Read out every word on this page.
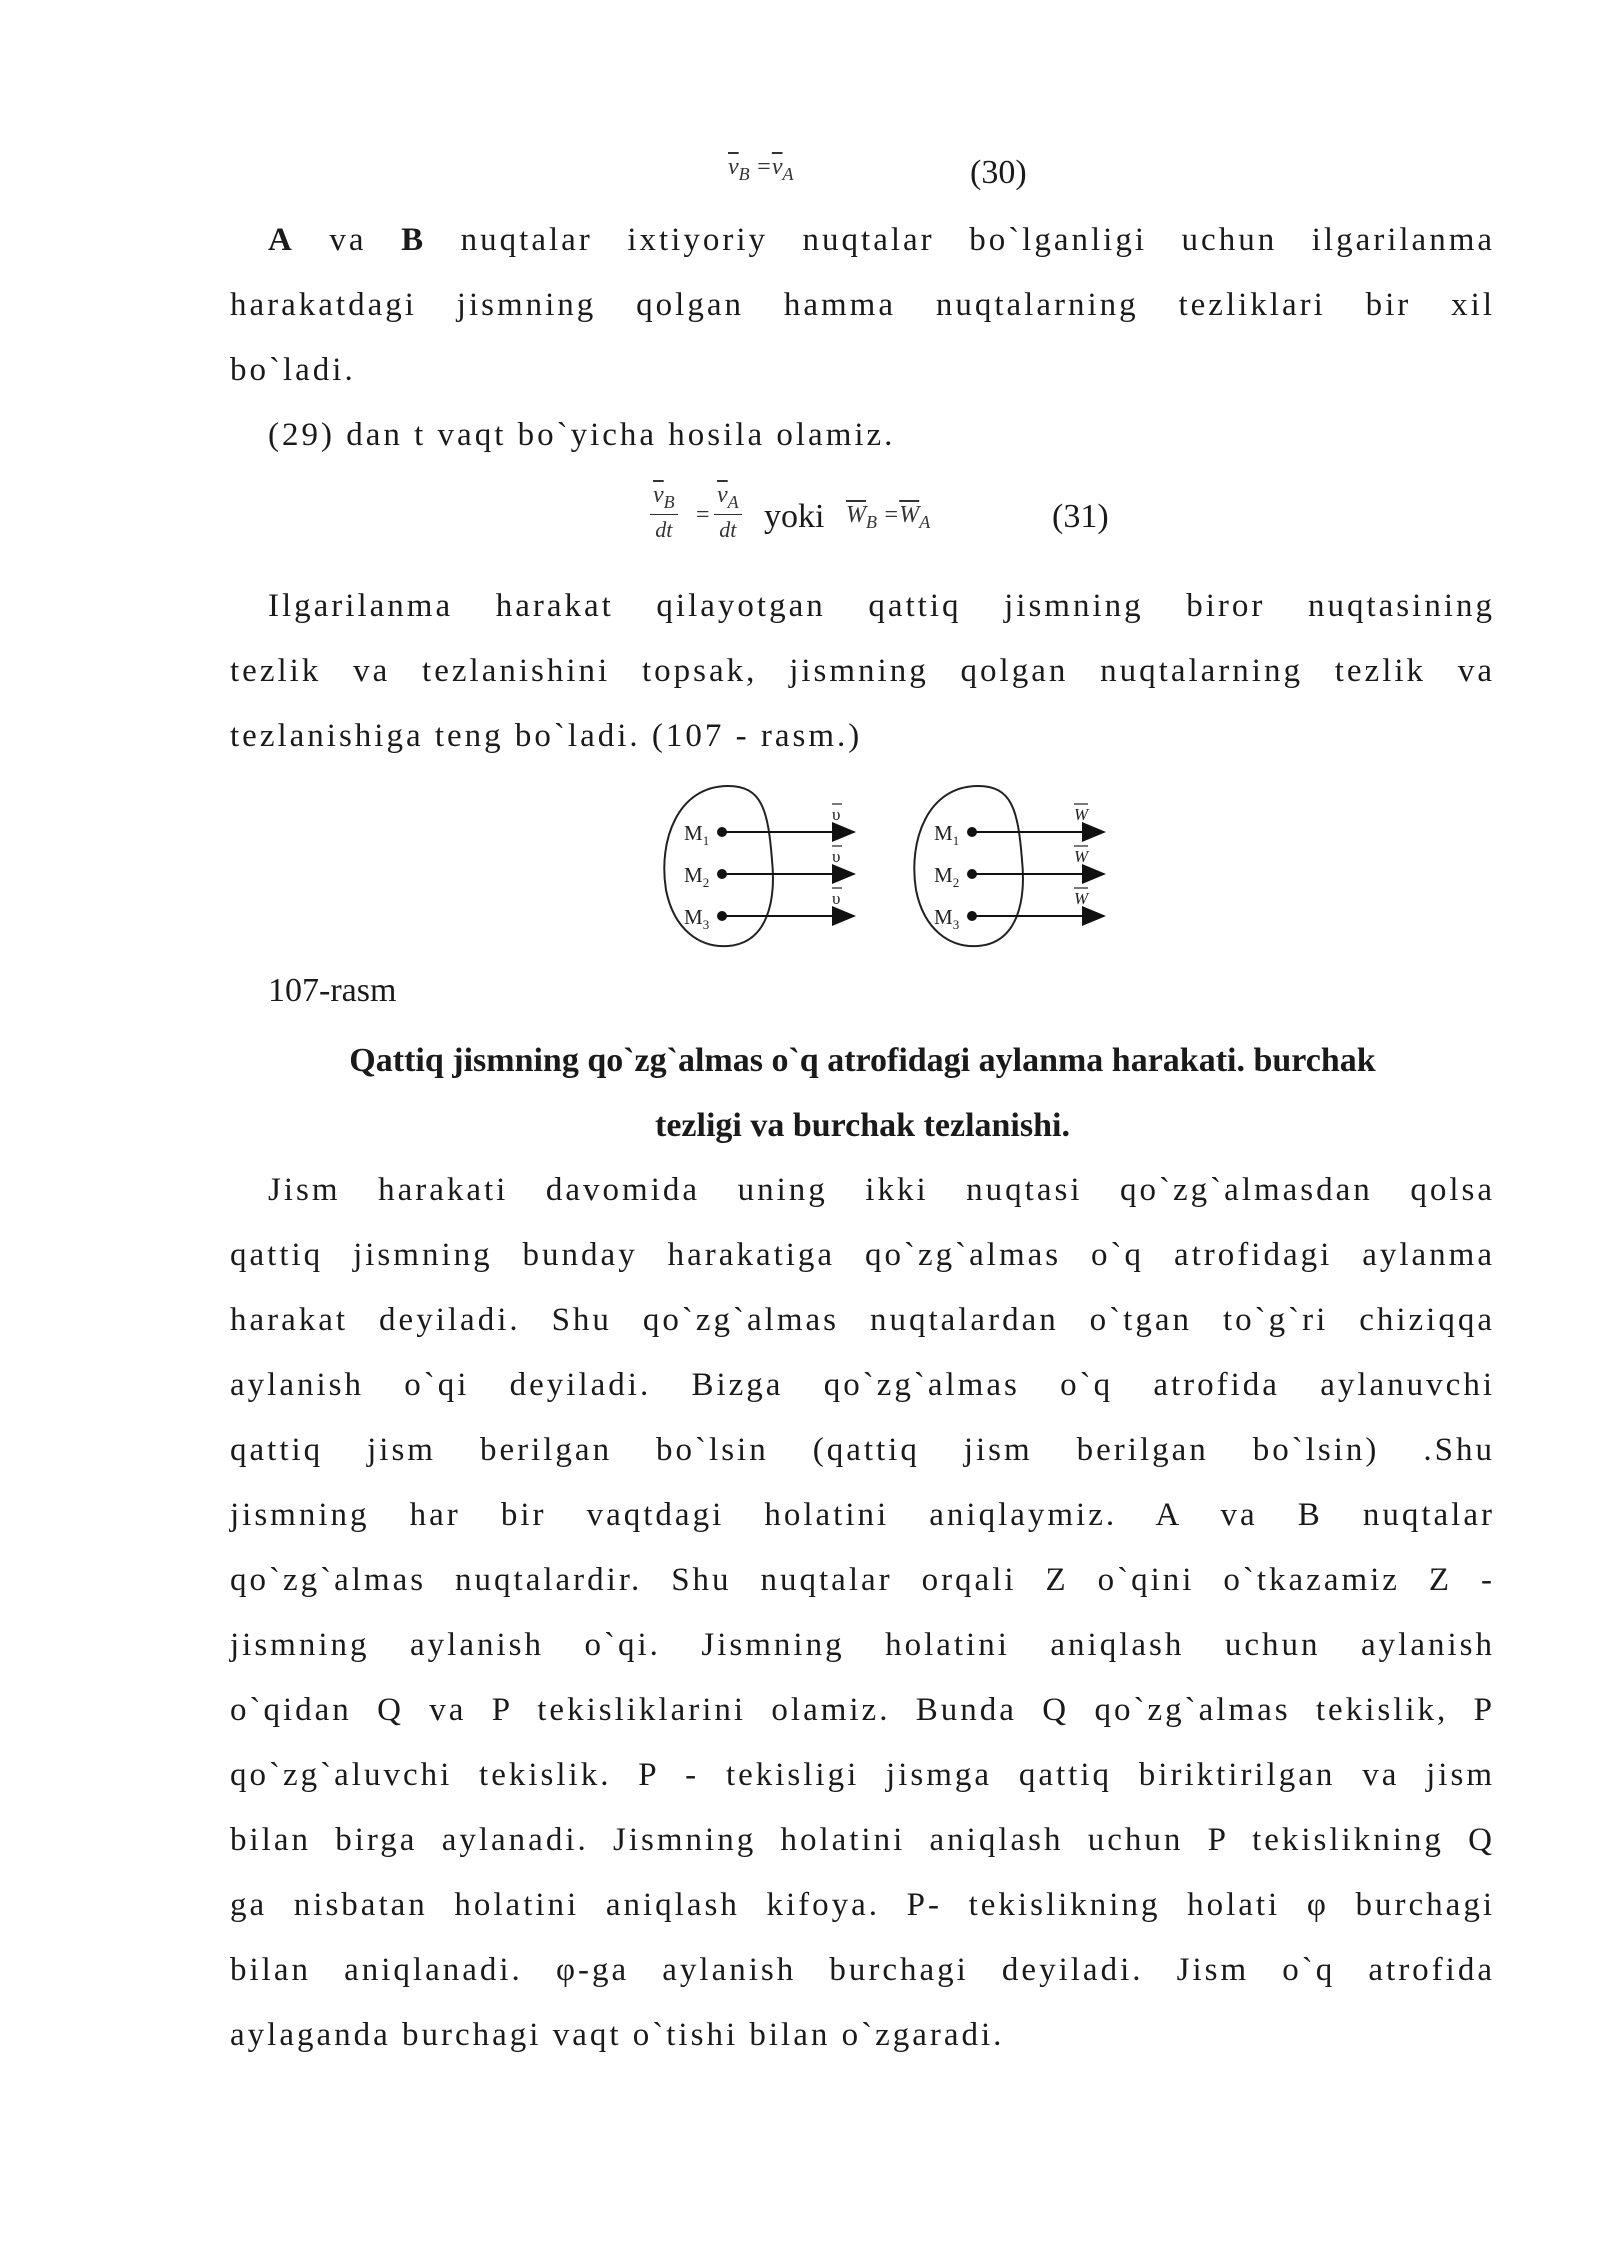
$\overline{v}_B =\overline{v}_A$	(30)
A va B nuqtalar ixtiyoriy nuqtalar bo`lganligi uchun ilgarilanma
harakatdagi jismning qolgan hamma nuqtalarning tezliklari bir xil
bo`ladi.
(29) dan t vaqt bo`yicha hosila olamiz.
$\frac{\overline{v}_B}{dt} = \frac{\overline{v}_A}{dt}$ yoki $\overline{W}_B =\overline{W}_A$	(31)
Ilgarilanma harakat qilayotgan qattiq jismning biror nuqtasining
tezlik va tezlanishini topsak, jismning qolgan nuqtalarning tezlik va
tezlanishiga teng bo`ladi. (107 - rasm.)
$M_1$
$M_2$
$M_3$
υ
υ
υ
$M_1$
$M_2$
$M_3$
W
W
W
107-rasm
Qattiq jismning qo`zg`almas o`q atrofidagi aylanma harakati. burchak
tezligi va burchak tezlanishi.
Jism harakati davomida uning ikki nuqtasi qo`zg`almasdan qolsa
qattiq jismning bunday harakatiga qo`zg`almas o`q atrofidagi aylanma
harakat deyiladi. Shu qo`zg`almas nuqtalardan o`tgan to`g`ri chiziqqa
aylanish o`qi deyiladi. Bizga qo`zg`almas o`q atrofida aylanuvchi
qattiq jism berilgan bo`lsin (qattiq jism berilgan bo`lsin) .Shu
jismning har bir vaqtdagi holatini aniqlaymiz. A va B nuqtalar
qo`zg`almas nuqtalardir. Shu nuqtalar orqali Z o`qini o`tkazamiz Z -
jismning aylanish o`qi. Jismning holatini aniqlash uchun aylanish
o`qidan Q va P tekisliklarini olamiz. Bunda Q qo`zg`almas tekislik, P
qo`zg`aluvchi tekislik. P - tekisligi jismga qattiq biriktirilgan va jism
bilan birga aylanadi. Jismning holatini aniqlash uchun P tekislikning Q
ga nisbatan holatini aniqlash kifoya. P- tekislikning holati φ burchagi
bilan aniqlanadi. φ-ga aylanish burchagi deyiladi. Jism o`q atrofida
aylaganda burchagi vaqt o`tishi bilan o`zgaradi.
